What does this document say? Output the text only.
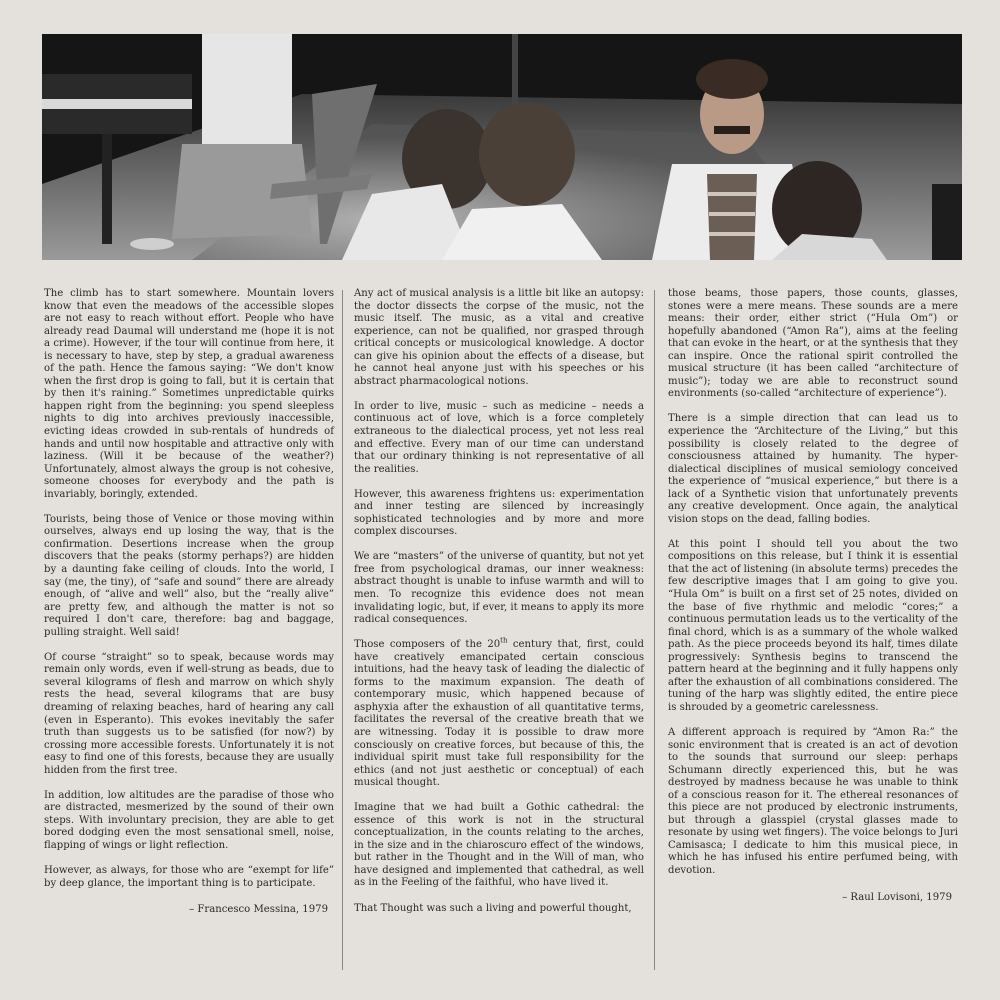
The climb has to start somewhere. Mountain lovers know that even the meadows of the accessible slopes are not easy to reach without effort. People who have already read Daumal will understand me (hope it is not a crime). However, if the tour will continue from here, it is necessary to have, step by step, a gradual awareness of the path. Hence the famous saying: “We don't know when the first drop is going to fall, but it is certain that by then it's raining.” Sometimes unpredictable quirks happen right from the beginning: you spend sleepless nights to dig into archives previously inaccessible, evicting ideas crowded in sub-rentals of hundreds of hands and until now hospitable and attractive only with laziness. (Will it be because of the weather?) Unfortunately, almost always the group is not cohesive, someone chooses for everybody and the path is invariably, boringly, extended.

Tourists, being those of Venice or those moving within ourselves, always end up losing the way, that is the confirmation. Desertions increase when the group discovers that the peaks (stormy perhaps?) are hidden by a daunting fake ceiling of clouds. Into the world, I say (me, the tiny), of “safe and sound” there are already enough, of “alive and well” also, but the “really alive” are pretty few, and although the matter is not so required I don't care, therefore: bag and baggage, pulling straight. Well said!

Of course “straight” so to speak, because words may remain only words, even if well-strung as beads, due to several kilograms of flesh and marrow on which shyly rests the head, several kilograms that are busy dreaming of relaxing beaches, hard of hearing any call (even in Esperanto). This evokes inevitably the safer truth than suggests us to be satisfied (for now?) by crossing more accessible forests. Unfortunately it is not easy to find one of this forests, because they are usually hidden from the first tree.

In addition, low altitudes are the paradise of those who are distracted, mesmerized by the sound of their own steps. With involuntary precision, they are able to get bored dodging even the most sensational smell, noise, flapping of wings or light reflection.

However, as always, for those who are “exempt for life” by deep glance, the important thing is to participate.

– Francesco Messina, 1979

Any act of musical analysis is a little bit like an autopsy: the doctor dissects the corpse of the music, not the music itself. The music, as a vital and creative experience, can not be qualified, nor grasped through critical concepts or musicological knowledge. A doctor can give his opinion about the effects of a disease, but he cannot heal anyone just with his speeches or his abstract pharmacological notions.

In order to live, music – such as medicine – needs a continuous act of love, which is a force completely extraneous to the dialectical process, yet not less real and effective. Every man of our time can understand that our ordinary thinking is not representative of all the realities.

However, this awareness frightens us: experimentation and inner testing are silenced by increasingly sophisticated technologies and by more and more complex discourses.

We are “masters” of the universe of quantity, but not yet free from psychological dramas, our inner weakness: abstract thought is unable to infuse warmth and will to men. To recognize this evidence does not mean invalidating logic, but, if ever, it means to apply its more radical consequences.

Those composers of the 20th century that, first, could have creatively emancipated certain conscious intuitions, had the heavy task of leading the dialectic of forms to the maximum expansion. The death of contemporary music, which happened because of asphyxia after the exhaustion of all quantitative terms, facilitates the reversal of the creative breath that we are witnessing. Today it is possible to draw more consciously on creative forces, but because of this, the individual spirit must take full responsibility for the ethics (and not just aesthetic or conceptual) of each musical thought.

Imagine that we had built a Gothic cathedral: the essence of this work is not in the structural conceptualization, in the counts relating to the arches, in the size and in the chiaroscuro effect of the windows, but rather in the Thought and in the Will of man, who have designed and implemented that cathedral, as well as in the Feeling of the faithful, who have lived it.

That Thought was such a living and powerful thought,

those beams, those papers, those counts, glasses, stones were a mere means. These sounds are a mere means: their order, either strict (“Hula Om”) or hopefully abandoned (“Amon Ra”), aims at the feeling that can evoke in the heart, or at the synthesis that they can inspire. Once the rational spirit controlled the musical structure (it has been called “architecture of music”); today we are able to reconstruct sound environments (so-called “architecture of experience”).

There is a simple direction that can lead us to experience the “Architecture of the Living,” but this possibility is closely related to the degree of consciousness attained by humanity. The hyper-dialectical disciplines of musical semiology conceived the experience of “musical experience,” but there is a lack of a Synthetic vision that unfortunately prevents any creative development. Once again, the analytical vision stops on the dead, falling bodies.

At this point I should tell you about the two compositions on this release, but I think it is essential that the act of listening (in absolute terms) precedes the few descriptive images that I am going to give you. “Hula Om” is built on a first set of 25 notes, divided on the base of five rhythmic and melodic “cores;” a continuous permutation leads us to the verticality of the final chord, which is as a summary of the whole walked path. As the piece proceeds beyond its half, times dilate progressively: Synthesis begins to transcend the pattern heard at the beginning and it fully happens only after the exhaustion of all combinations considered. The tuning of the harp was slightly edited, the entire piece is shrouded by a geometric carelessness.

A different approach is required by “Amon Ra:” the sonic environment that is created is an act of devotion to the sounds that surround our sleep: perhaps Schumann directly experienced this, but he was destroyed by madness because he was unable to think of a conscious reason for it. The ethereal resonances of this piece are not produced by electronic instruments, but through a glasspiel (crystal glasses made to resonate by using wet fingers). The voice belongs to Juri Camisasca; I dedicate to him this musical piece, in which he has infused his entire perfumed being, with devotion.

– Raul Lovisoni, 1979
